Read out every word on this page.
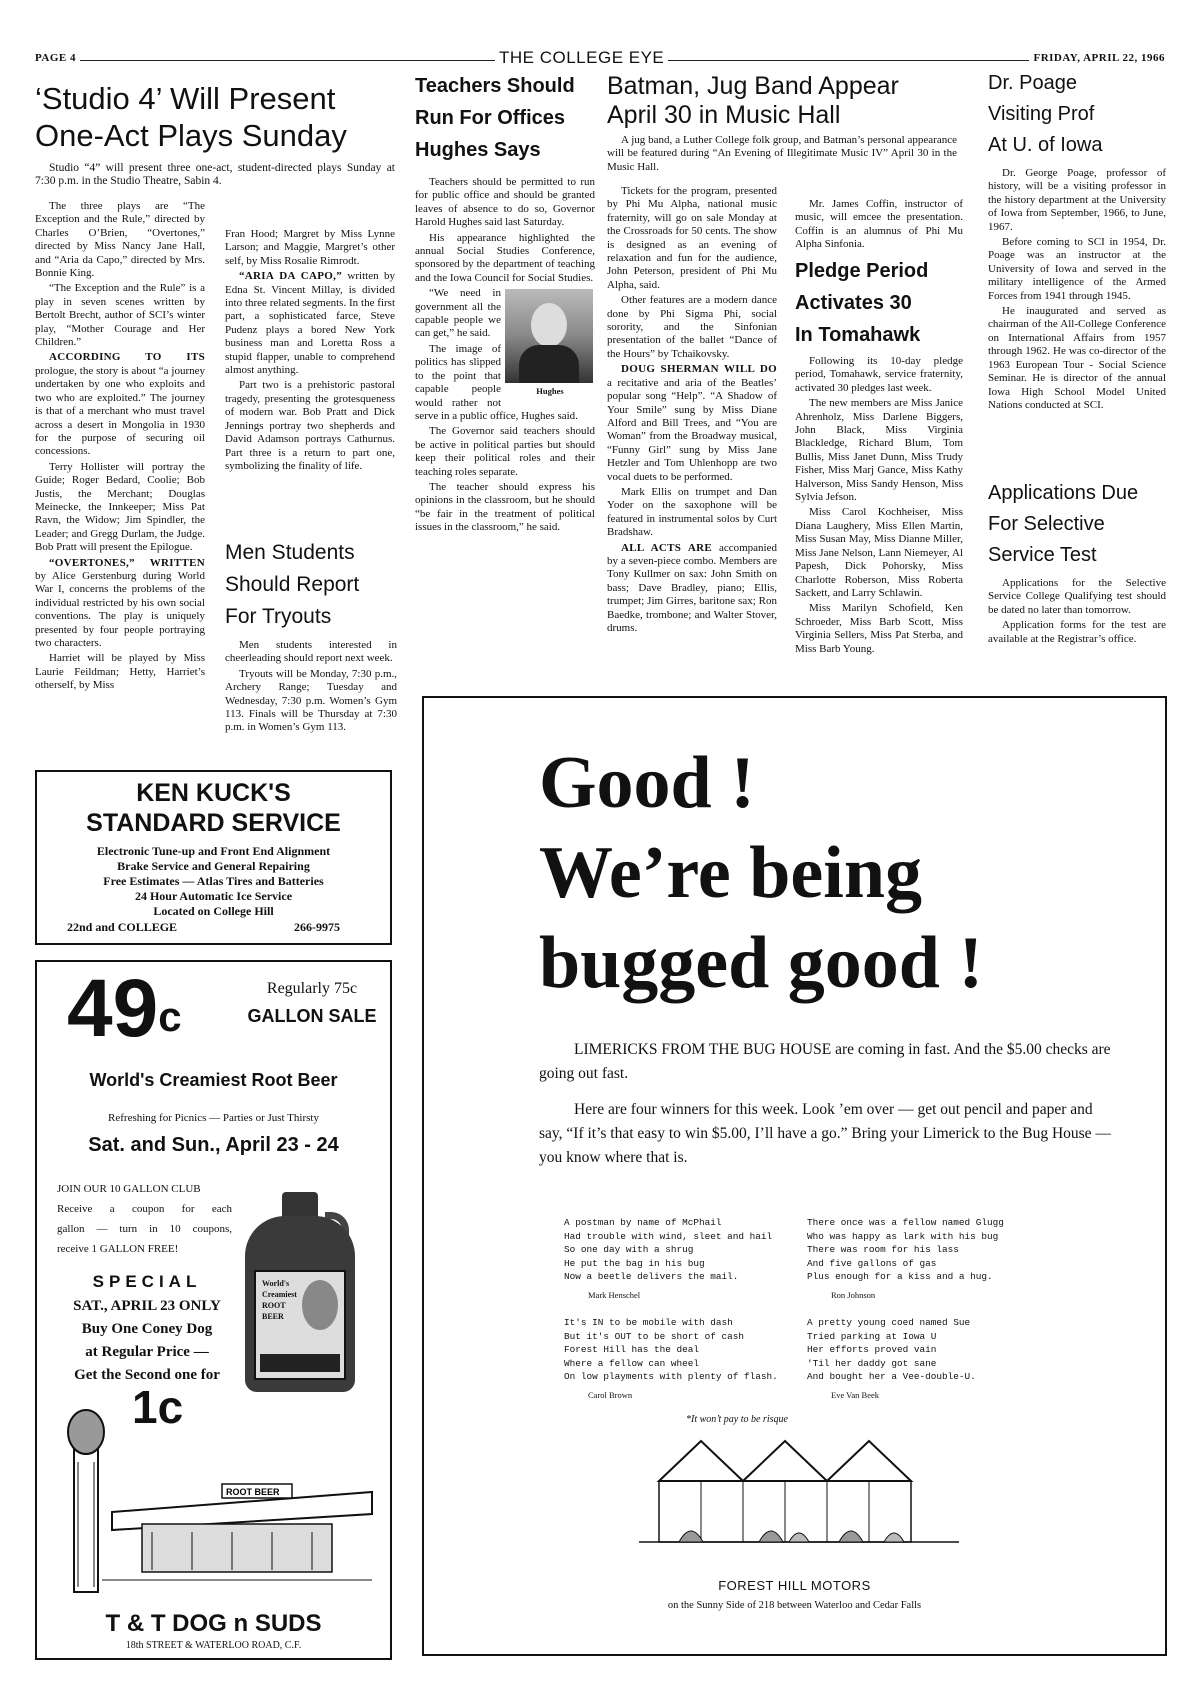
PAGE 4	THE COLLEGE EYE	FRIDAY, APRIL 22, 1966
‘Studio 4’ Will Present
One-Act Plays Sunday

Studio “4” will present three one-act, student-directed plays Sunday at 7:30 p.m. in the Studio Theatre, Sabin 4.

The three plays are “The Exception and the Rule,” directed by Charles O’Brien, “Overtones,” directed by Miss Nancy Jane Hall, and “Aria da Capo,” directed by Mrs. Bonnie King.

“The Exception and the Rule” is a play in seven scenes written by Bertolt Brecht, author of SCI’s winter play, “Mother Courage and Her Children.”

ACCORDING TO ITS prologue, the story is about “a journey undertaken by one who exploits and two who are exploited.” The journey is that of a merchant who must travel across a desert in Mongolia in 1930 for the purpose of securing oil concessions.

Terry Hollister will portray the Guide; Roger Bedard, Coolie; Bob Justis, the Merchant; Douglas Meinecke, the Innkeeper; Miss Pat Ravn, the Widow; Jim Spindler, the Leader; and Gregg Durlam, the Judge. Bob Pratt will present the Epilogue.

“OVERTONES,” WRITTEN by Alice Gerstenburg during World War I, concerns the problems of the individual restricted by his own social conventions. The play is uniquely presented by four people portraying two characters.

Harriet will be played by Miss Laurie Feildman; Hetty, Harriet’s otherself, by Miss

Fran Hood; Margret by Miss Lynne Larson; and Maggie, Margret’s other self, by Miss Rosalie Rimrodt.

“ARIA DA CAPO,” written by Edna St. Vincent Millay, is divided into three related segments. In the first part, a sophisticated farce, Steve Pudenz plays a bored New York business man and Loretta Ross a stupid flapper, unable to comprehend almost anything.

Part two is a prehistoric pastoral tragedy, presenting the grotesqueness of modern war. Bob Pratt and Dick Jennings portray two shepherds and David Adamson portrays Cathurnus. Part three is a return to part one, symbolizing the finality of life.

Men Students
Should Report
For Tryouts

Men students interested in cheerleading should report next week.

Tryouts will be Monday, 7:30 p.m., Archery Range; Tuesday and Wednesday, 7:30 p.m. Women’s Gym 113. Finals will be Thursday at 7:30 p.m. in Women’s Gym 113.

Teachers Should
Run For Offices
Hughes Says

Teachers should be permitted to run for public office and should be granted leaves of absence to do so, Governor Harold Hughes said last Saturday.

His appearance highlighted the annual Social Studies Conference, sponsored by the department of teaching and the Iowa Council for Social Studies.

Hughes

“We need in government all the capable people we can get,” he said.

The image of politics has slipped to the point that capable people would rather not serve in a public office, Hughes said.

The Governor said teachers should be active in political parties but should keep their political roles and their teaching roles separate.

The teacher should express his opinions in the classroom, but he should “be fair in the treatment of political issues in the classroom,” he said.

Batman, Jug Band Appear
April 30 in Music Hall

A jug band, a Luther College folk group, and Batman’s personal appearance will be featured during “An Evening of Illegitimate Music IV” April 30 in the Music Hall.

Tickets for the program, presented by Phi Mu Alpha, national music fraternity, will go on sale Monday at the Crossroads for 50 cents. The show is designed as an evening of relaxation and fun for the audience, John Peterson, president of Phi Mu Alpha, said.

Other features are a modern dance done by Phi Sigma Phi, social sorority, and the Sinfonian presentation of the ballet “Dance of the Hours” by Tchaikovsky.

DOUG SHERMAN WILL DO a recitative and aria of the Beatles’ popular song “Help”. “A Shadow of Your Smile” sung by Miss Diane Alford and Bill Trees, and “You are Woman” from the Broadway musical, “Funny Girl” sung by Miss Jane Hetzler and Tom Uhlenhopp are two vocal duets to be performed.

Mark Ellis on trumpet and Dan Yoder on the saxophone will be featured in instrumental solos by Curt Bradshaw.

ALL ACTS ARE accompanied by a seven-piece combo. Members are Tony Kullmer on sax: John Smith on bass; Dave Bradley, piano; Ellis, trumpet; Jim Girres, baritone sax; Ron Baedke, trombone; and Walter Stover, drums.

Mr. James Coffin, instructor of music, will emcee the presentation. Coffin is an alumnus of Phi Mu Alpha Sinfonia.

Pledge Period
Activates 30
In Tomahawk

Following its 10-day pledge period, Tomahawk, service fraternity, activated 30 pledges last week.

The new members are Miss Janice Ahrenholz, Miss Darlene Biggers, John Black, Miss Virginia Blackledge, Richard Blum, Tom Bullis, Miss Janet Dunn, Miss Trudy Fisher, Miss Marj Gance, Miss Kathy Halverson, Miss Sandy Henson, Miss Sylvia Jefson.

Miss Carol Kochheiser, Miss Diana Laughery, Miss Ellen Martin, Miss Susan May, Miss Dianne Miller, Miss Jane Nelson, Lann Niemeyer, Al Papesh, Dick Pohorsky, Miss Charlotte Roberson, Miss Roberta Sackett, and Larry Schlawin.

Miss Marilyn Schofield, Ken Schroeder, Miss Barb Scott, Miss Virginia Sellers, Miss Pat Sterba, and Miss Barb Young.

Dr. Poage
Visiting Prof
At U. of Iowa

Dr. George Poage, professor of history, will be a visiting professor in the history department at the University of Iowa from September, 1966, to June, 1967.

Before coming to SCI in 1954, Dr. Poage was an instructor at the University of Iowa and served in the military intelligence of the Armed Forces from 1941 through 1945.

He inaugurated and served as chairman of the All-College Conference on International Affairs from 1957 through 1962. He was co-director of the 1963 European Tour - Social Science Seminar. He is director of the annual Iowa High School Model United Nations conducted at SCI.

Applications Due
For Selective
Service Test

Applications for the Selective Service College Qualifying test should be dated no later than tomorrow.

Application forms for the test are available at the Registrar’s office.

KEN KUCK'S
STANDARD SERVICE
Electronic Tune-up and Front End Alignment
Brake Service and General Repairing
Free Estimates — Atlas Tires and Batteries
24 Hour Automatic Ice Service
Located on College Hill
22nd and COLLEGE	266-9975
49$^c$
Regularly 75c
GALLON SALE
World's Creamiest Root Beer
Refreshing for Picnics — Parties or Just Thirsty
Sat. and Sun., April 23 - 24
JOIN OUR 10 GALLON CLUB
Receive a coupon for each
gallon — turn in 10 coupons,
receive 1 GALLON FREE!
SPECIAL
SAT., APRIL 23 ONLY
Buy One Coney Dog
at Regular Price —
Get the Second one for
1c
World's
Creamiest
ROOT
BEER
ROOT BEER
T & T DOG n SUDS
18th STREET & WATERLOO ROAD, C.F.
Good !
We’re being
bugged good !

LIMERICKS FROM THE BUG HOUSE are coming in fast. And the $5.00 checks are going out fast.

Here are four winners for this week. Look ’em over — get out pencil and paper and say, “If it’s that easy to win $5.00, I’ll have a go.” Bring your Limerick to the Bug House — you know where that is.

A postman by name of McPhail
Had trouble with wind, sleet and hail
So one day with a shrug
He put the bag in his bug
Now a beetle delivers the mail.
Mark Henschel
There once was a fellow named Glugg
Who was happy as lark with his bug
There was room for his lass
And five gallons of gas
Plus enough for a kiss and a hug.
Ron Johnson
It's IN to be mobile with dash
But it's OUT to be short of cash
Forest Hill has the deal
Where a fellow can wheel
On low playments with plenty of flash.
Carol Brown
A pretty young coed named Sue
Tried parking at Iowa U
Her efforts proved vain
'Til her daddy got sane
And bought her a Vee-double-U.
Eve Van Beek
*It won’t pay to be risque
FOREST HILL MOTORS
on the Sunny Side of 218 between Waterloo and Cedar Falls
